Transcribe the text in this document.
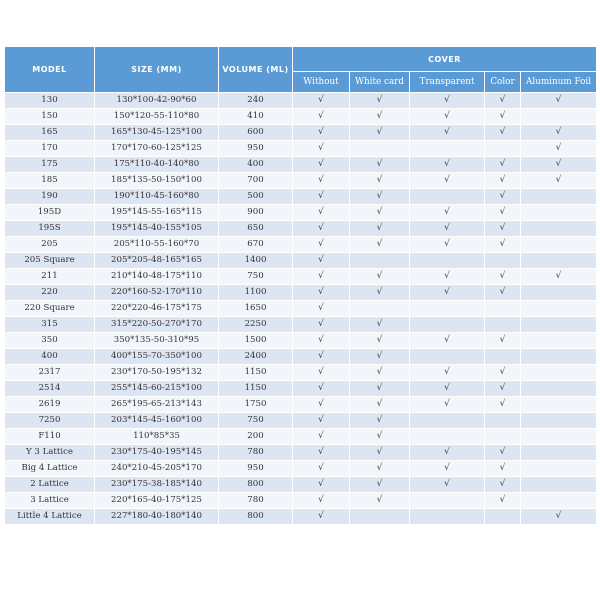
MODEL	SIZE (MM)	VOLUME (ML)	COVER				
			Without	White card	Transparent	Color	Aluminum Foil
130	130*100-42-90*60	240	√	√	√	√	√
150	150*120-55-110*80	410	√	√	√	√	
165	165*130-45-125*100	600	√	√	√	√	√
170	170*170-60-125*125	950	√				√
175	175*110-40-140*80	400	√	√	√	√	√
185	185*135-50-150*100	700	√	√	√	√	√
190	190*110-45-160*80	500	√	√		√	
195D	195*145-55-165*115	900	√	√	√	√	
195S	195*145-40-155*105	650	√	√	√	√	
205	205*110-55-160*70	670	√	√	√	√	
205 Square	205*205-48-165*165	1400	√				
211	210*140-48-175*110	750	√	√	√	√	√
220	220*160-52-170*110	1100	√	√	√	√	
220 Square	220*220-46-175*175	1650	√				
315	315*220-50-270*170	2250	√	√			
350	350*135-50-310*95	1500	√	√	√	√	
400	400*155-70-350*100	2400	√	√			
2317	230*170-50-195*132	1150	√	√	√	√	
2514	255*145-60-215*100	1150	√	√	√	√	
2619	265*195-65-213*143	1750	√	√	√	√	
7250	203*145-45-160*100	750	√	√			
F110	110*85*35	200	√	√			
Y 3 Lattice	230*175-40-195*145	780	√	√	√	√	
Big 4 Lattice	240*210-45-205*170	950	√	√	√	√	
2 Lattice	230*175-38-185*140	800	√	√	√	√	
3 Lattice	220*165-40-175*125	780	√	√		√	
Little 4 Lattice	227*180-40-180*140	800	√				√
